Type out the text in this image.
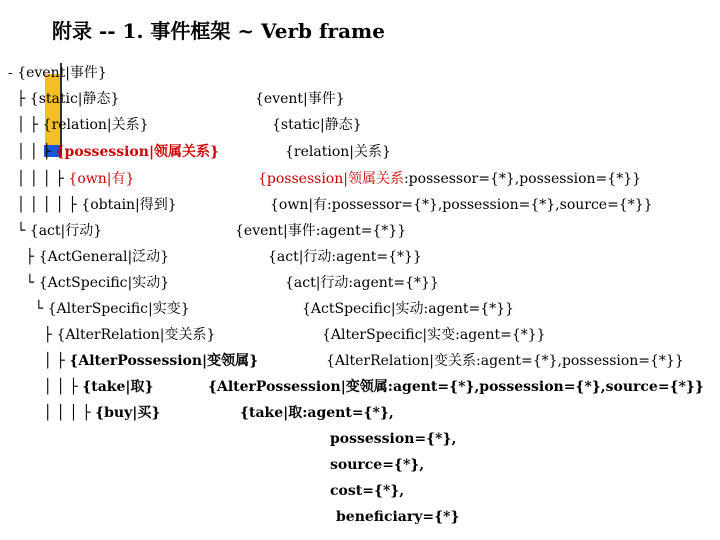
附录 -- 1. 事件框架 ~ Verb frame
- {event|事件}
├ {static|静态}
│ ├ {relation|关系}
│ │ ├ {possession|领属关系}
│ │ │ ├ {own|有}
│ │ │ │ ├ {obtain|得到}
└ {act|行动}
├ {ActGeneral|泛动}
└ {ActSpecific|实动}
└ {AlterSpecific|实变}
├ {AlterRelation|变关系}
│ ├ {AlterPossession|变领属}
│ │ ├ {take|取}
│ │ │ ├ {buy|买}
{event|事件}
{static|静态}
{relation|关系}
{possession|领属关系:possessor={*},possession={*}}
{own|有:possessor={*},possession={*},source={*}}
{event|事件:agent={*}}
{act|行动:agent={*}}
{act|行动:agent={*}}
{ActSpecific|实动:agent={*}}
{AlterSpecific|实变:agent={*}}
{AlterRelation|变关系:agent={*},possession={*}}
{AlterPossession|变领属:agent={*},possession={*},source={*}}
{take|取:agent={*},
possession={*},
source={*},
cost={*},
beneficiary={*}
